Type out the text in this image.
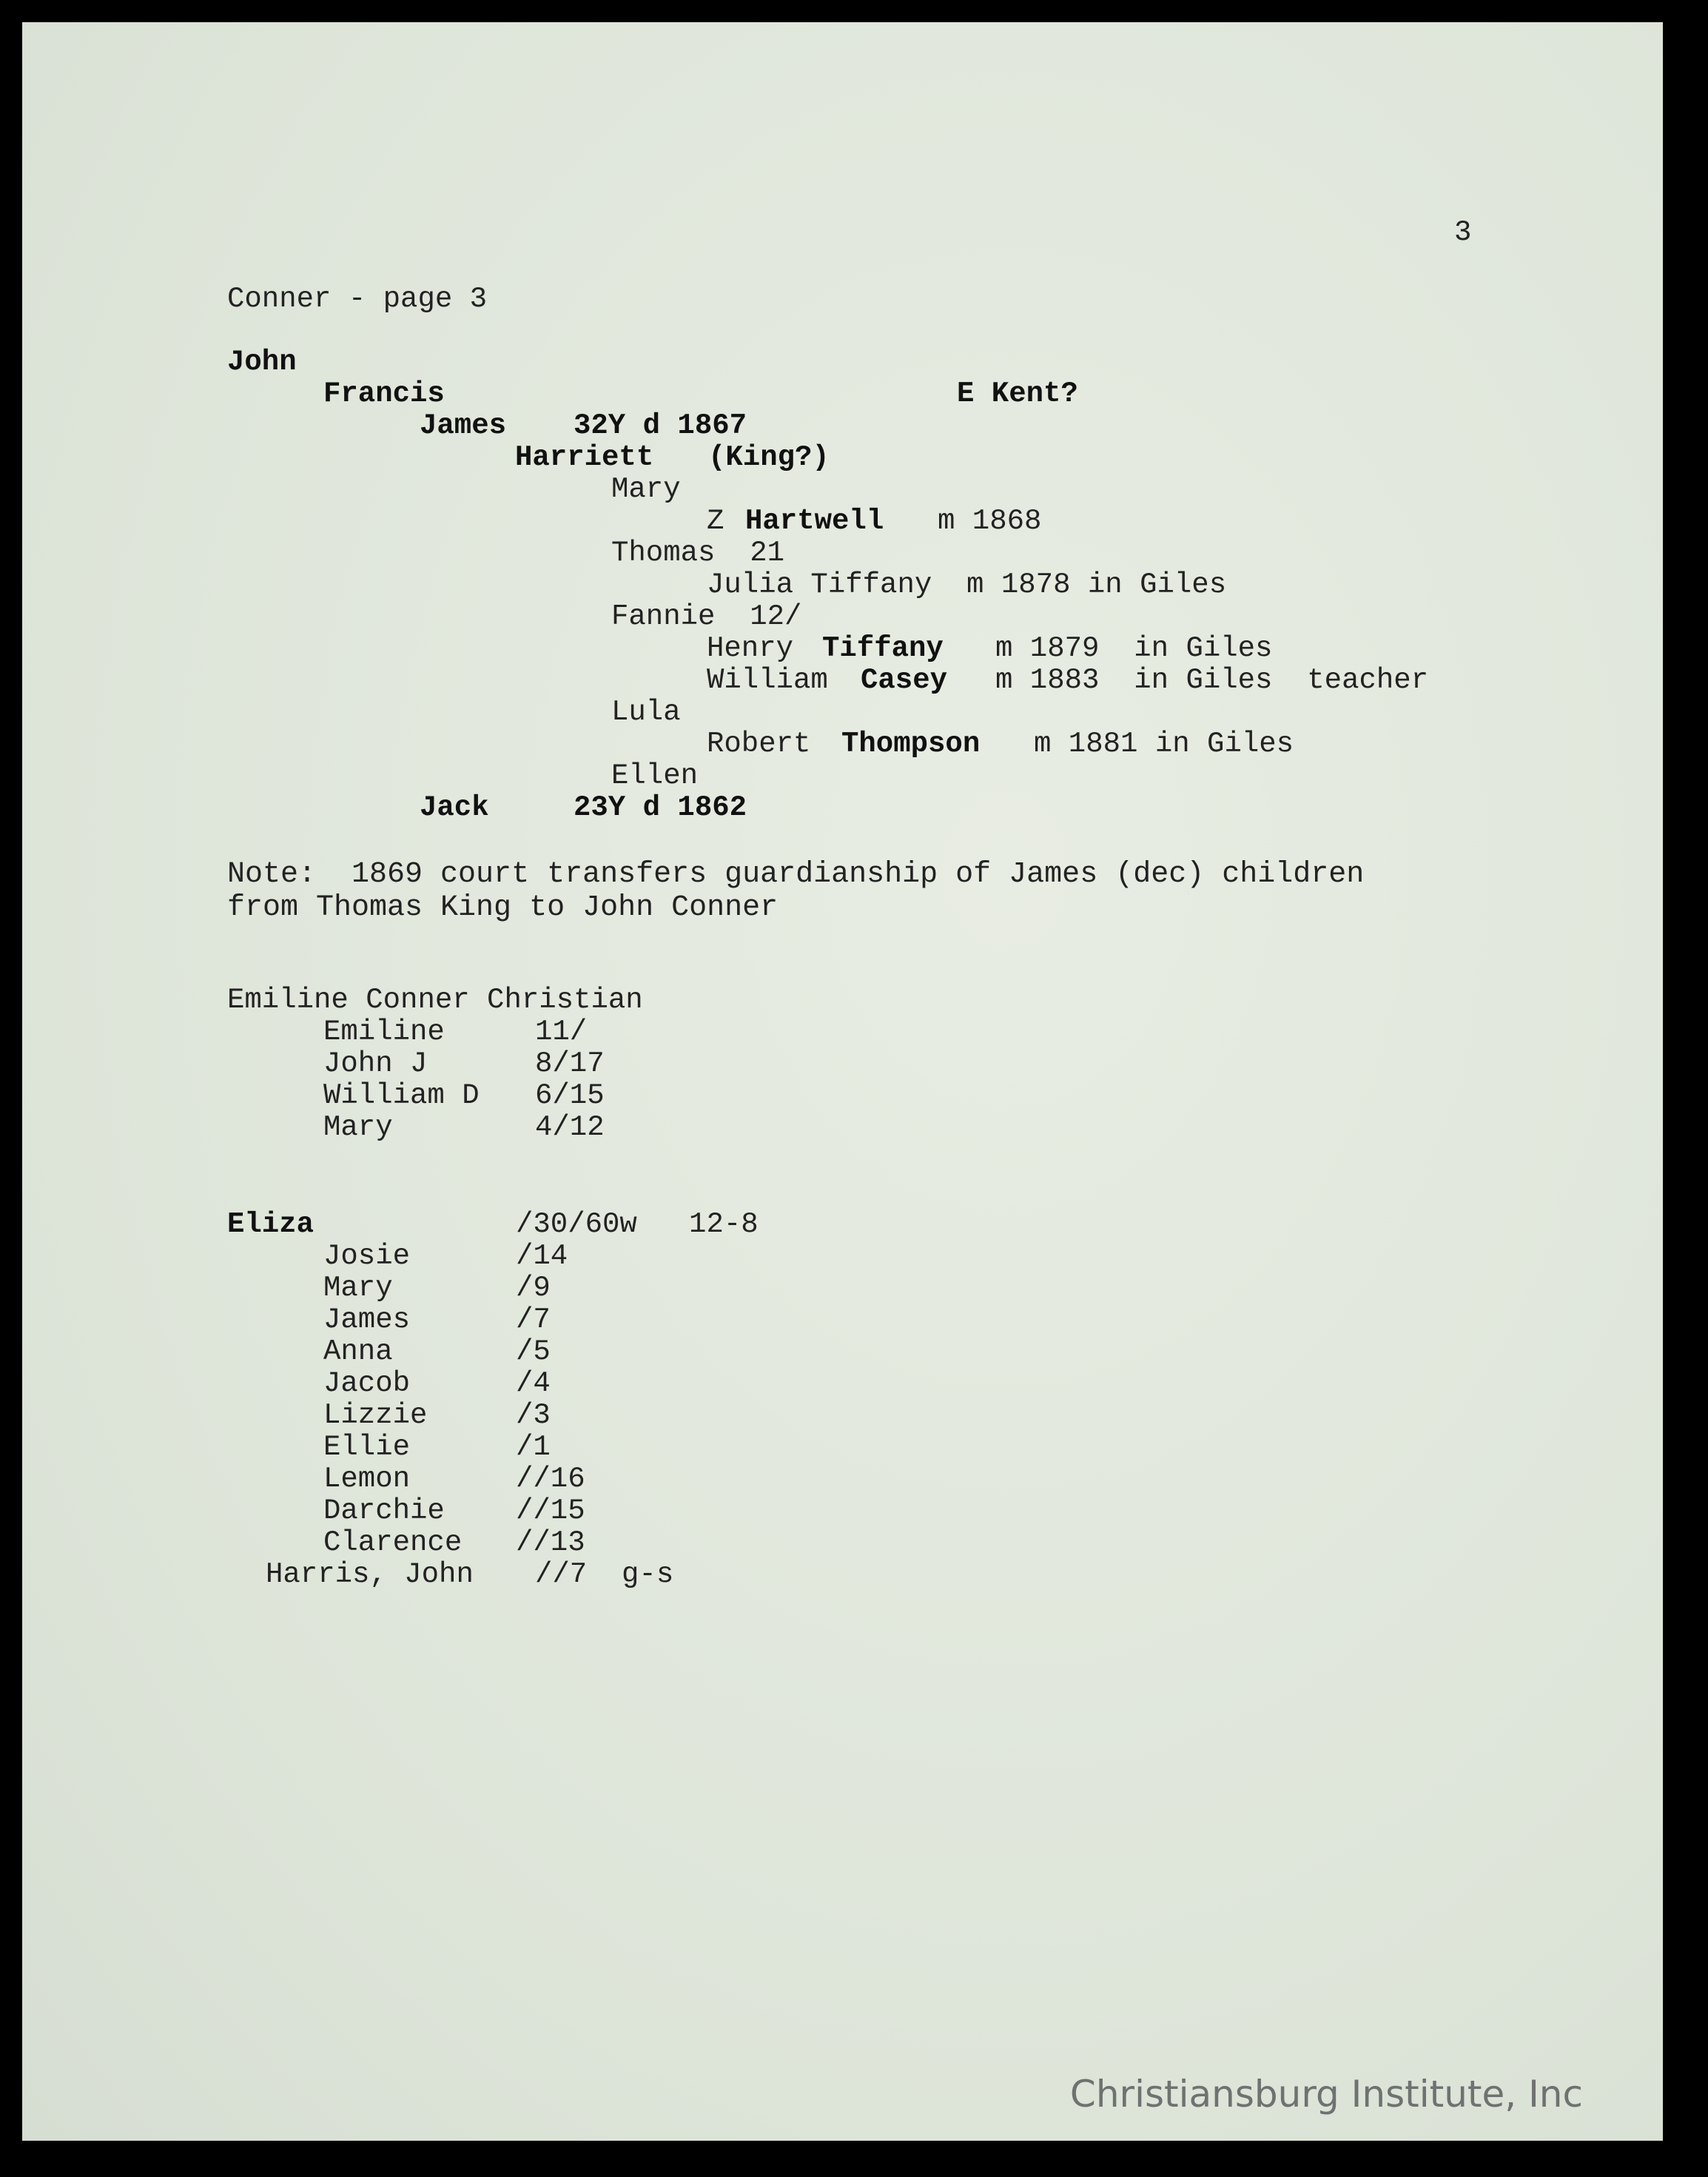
3
Conner - page 3
John
Francis	E Kent?
James 32Y d 1867
Harriett (King?)
Mary
Z Hartwell m 1868
Thomas  21
Julia Tiffany  m 1878 in Giles
Fannie  12/
Henry Tiffany m 1879  in Giles
William Casey m 1883  in Giles  teacher
Lula
Robert Thompson m 1881 in Giles
Ellen
Jack	23Y d 1862
Note:  1869 court transfers guardianship of James (dec) children
from Thomas King to John Conner
Emiline Conner Christian
Emiline	11/
John J	8/17
William D 6/15
Mary	4/12
Eliza	/30/60w   12-8
Josie	/14
Mary	/9
James	/7
Anna	/5
Jacob	/4
Lizzie	/3
Ellie	/1
Lemon	//16
Darchie //15
Clarence //13
Harris, John //7  g-s
Christiansburg Institute, Inc
